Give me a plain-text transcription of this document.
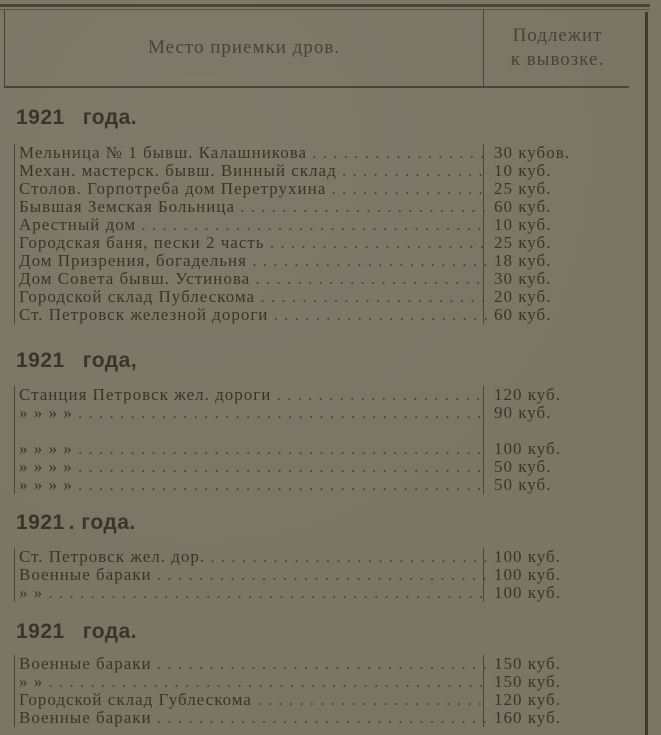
Место приемки дров.
Подлежит
к вывозке.
1921 года.
Мельница № 1 бывш. Калашникова . . .	30 кубов.
Механ. мастерск. бывш. Винный склад . . .	10 куб.
Столов. Горпотреба дом Перетрухина . . .	25 куб.
Бывшая Земская Больница . . .	60 куб.
Арестный дом . . .	10 куб.
Городская баня, пески 2 часть . . .	25 куб.
Дом Призрения, богадельня . . .	18 куб.
Дом Совета бывш. Устинова . . .	30 куб.
Городской склад Публескома . . .	20 куб.
Ст. Петровск железной дороги . . .	60 куб.
1921 года,
Станция Петровск жел. дороги . . .	120 куб.
» » » » . . .	90 куб.
» » » » . . .	100 куб.
» » » » . . .	50 куб.
» » » » . . .	50 куб.
1921 . года.
Ст. Петровск жел. дор. . . .	100 куб.
Военные бараки . . .	100 куб.
» » . . .	100 куб.
1921 года.
Военные бараки . . .	150 куб.
» » . . .	150 куб.
Городской склад Гублескома . . .	120 куб.
Военные бараки . . .	160 куб.
